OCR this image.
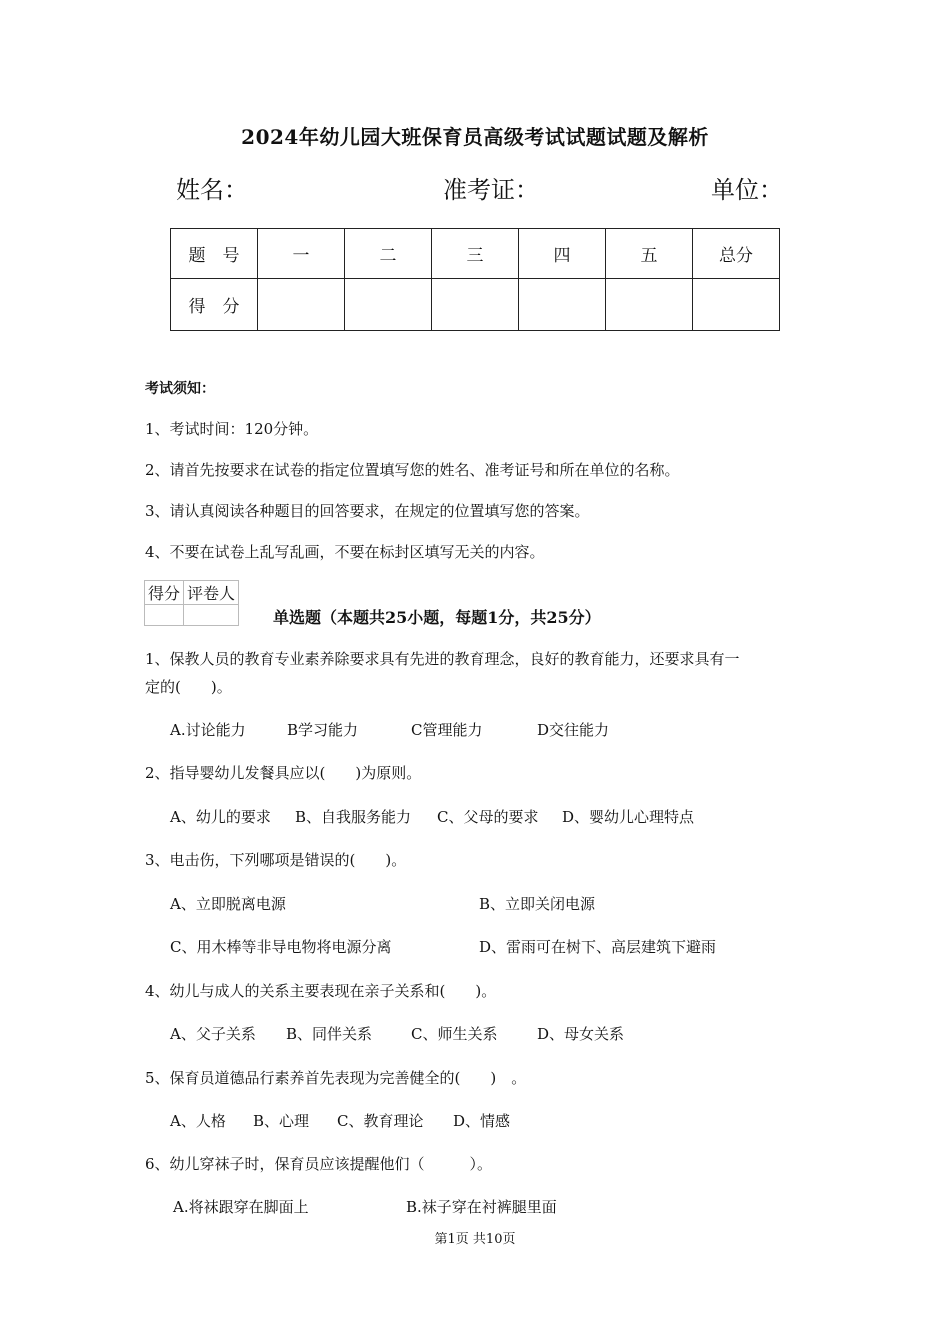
2024年幼儿园大班保育员高级考试试题试题及解析
姓名：	准考证：	单位：
题　号	一	二	三	四	五	总分
得　分						
考试须知：
1、考试时间：120分钟。
2、请首先按要求在试卷的指定位置填写您的姓名、准考证号和所在单位的名称。
3、请认真阅读各种题目的回答要求，在规定的位置填写您的答案。
4、不要在试卷上乱写乱画，不要在标封区填写无关的内容。
得分	评卷人

单选题（本题共25小题，每题1分，共25分）
1、保教人员的教育专业素养除要求具有先进的教育理念，良好的教育能力，还要求具有一
定的(　　)。
A.讨论能力	B学习能力	C管理能力	D交往能力
2、指导婴幼儿发餐具应以(　　)为原则。
A、幼儿的要求 B、自我服务能力 C、父母的要求 D、婴幼儿心理特点
3、电击伤，下列哪项是错误的(　　)。
A、立即脱离电源	B、立即关闭电源
C、用木棒等非导电物将电源分离	D、雷雨可在树下、高层建筑下避雨
4、幼儿与成人的关系主要表现在亲子关系和(　　)。
A、父子关系 B、同伴关系	C、师生关系	D、母女关系
5、保育员道德品行素养首先表现为完善健全的(　　)　。
A、人格 B、心理 C、教育理论 D、情感
6、幼儿穿袜子时，保育员应该提醒他们（　　　）。
A.将袜跟穿在脚面上	B.袜子穿在衬裤腿里面
第1页 共10页
